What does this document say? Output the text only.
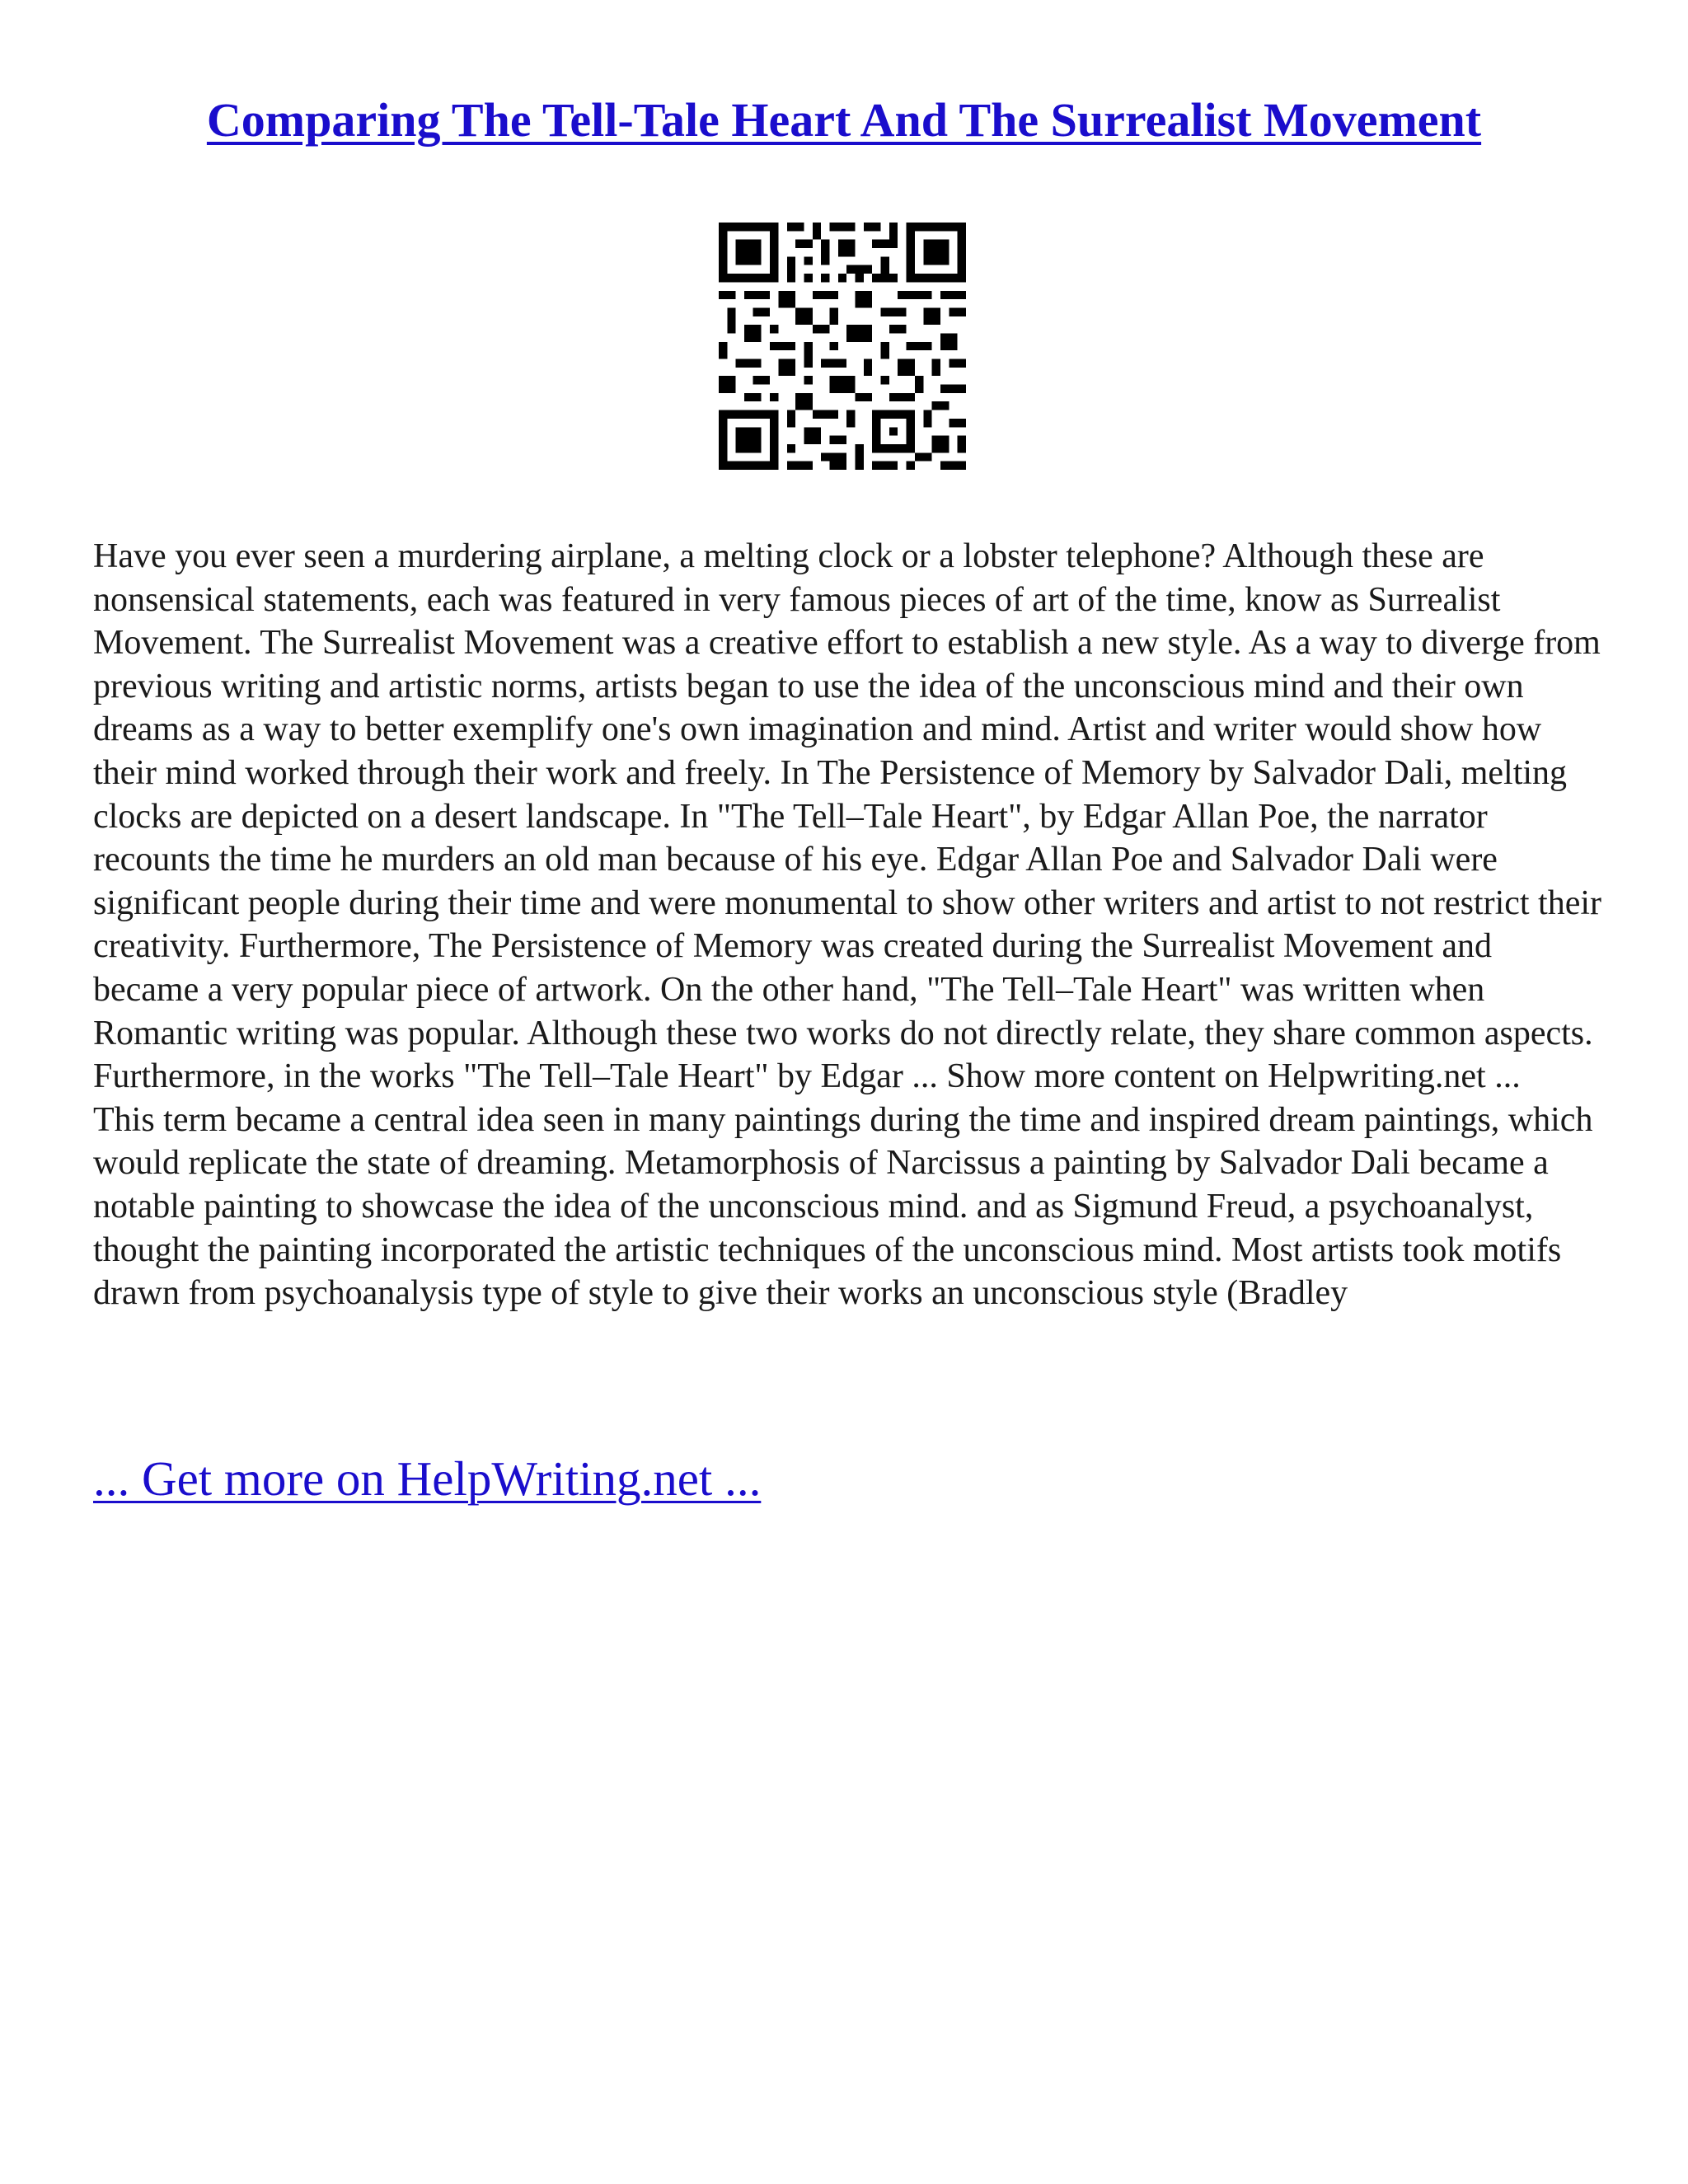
Comparing The Tell-Tale Heart And The Surrealist Movement

Have you ever seen a murdering airplane, a melting clock or a lobster telephone? Although these are nonsensical statements, each was featured in very famous pieces of art of the time, know as Surrealist Movement. The Surrealist Movement was a creative effort to establish a new style. As a way to diverge from previous writing and artistic norms, artists began to use the idea of the unconscious mind and their own dreams as a way to better exemplify one's own imagination and mind. Artist and writer would show how their mind worked through their work and freely. In The Persistence of Memory by Salvador Dali, melting clocks are depicted on a desert landscape. In "The Tell–Tale Heart", by Edgar Allan Poe, the narrator recounts the time he murders an old man because of his eye. Edgar Allan Poe and Salvador Dali were significant people during their time and were monumental to show other writers and artist to not restrict their creativity. Furthermore, The Persistence of Memory was created during the Surrealist Movement and became a very popular piece of artwork. On the other hand, "The Tell–Tale Heart" was written when Romantic writing was popular. Although these two works do not directly relate, they share common aspects. Furthermore, in the works "The Tell–Tale Heart" by Edgar ... Show more content on Helpwriting.net ...

This term became a central idea seen in many paintings during the time and inspired dream paintings, which would replicate the state of dreaming. Metamorphosis of Narcissus a painting by Salvador Dali became a notable painting to showcase the idea of the unconscious mind. and as Sigmund Freud, a psychoanalyst, thought the painting incorporated the artistic techniques of the unconscious mind. Most artists took motifs drawn from psychoanalysis type of style to give their works an unconscious style (Bradley

... Get more on HelpWriting.net ...
